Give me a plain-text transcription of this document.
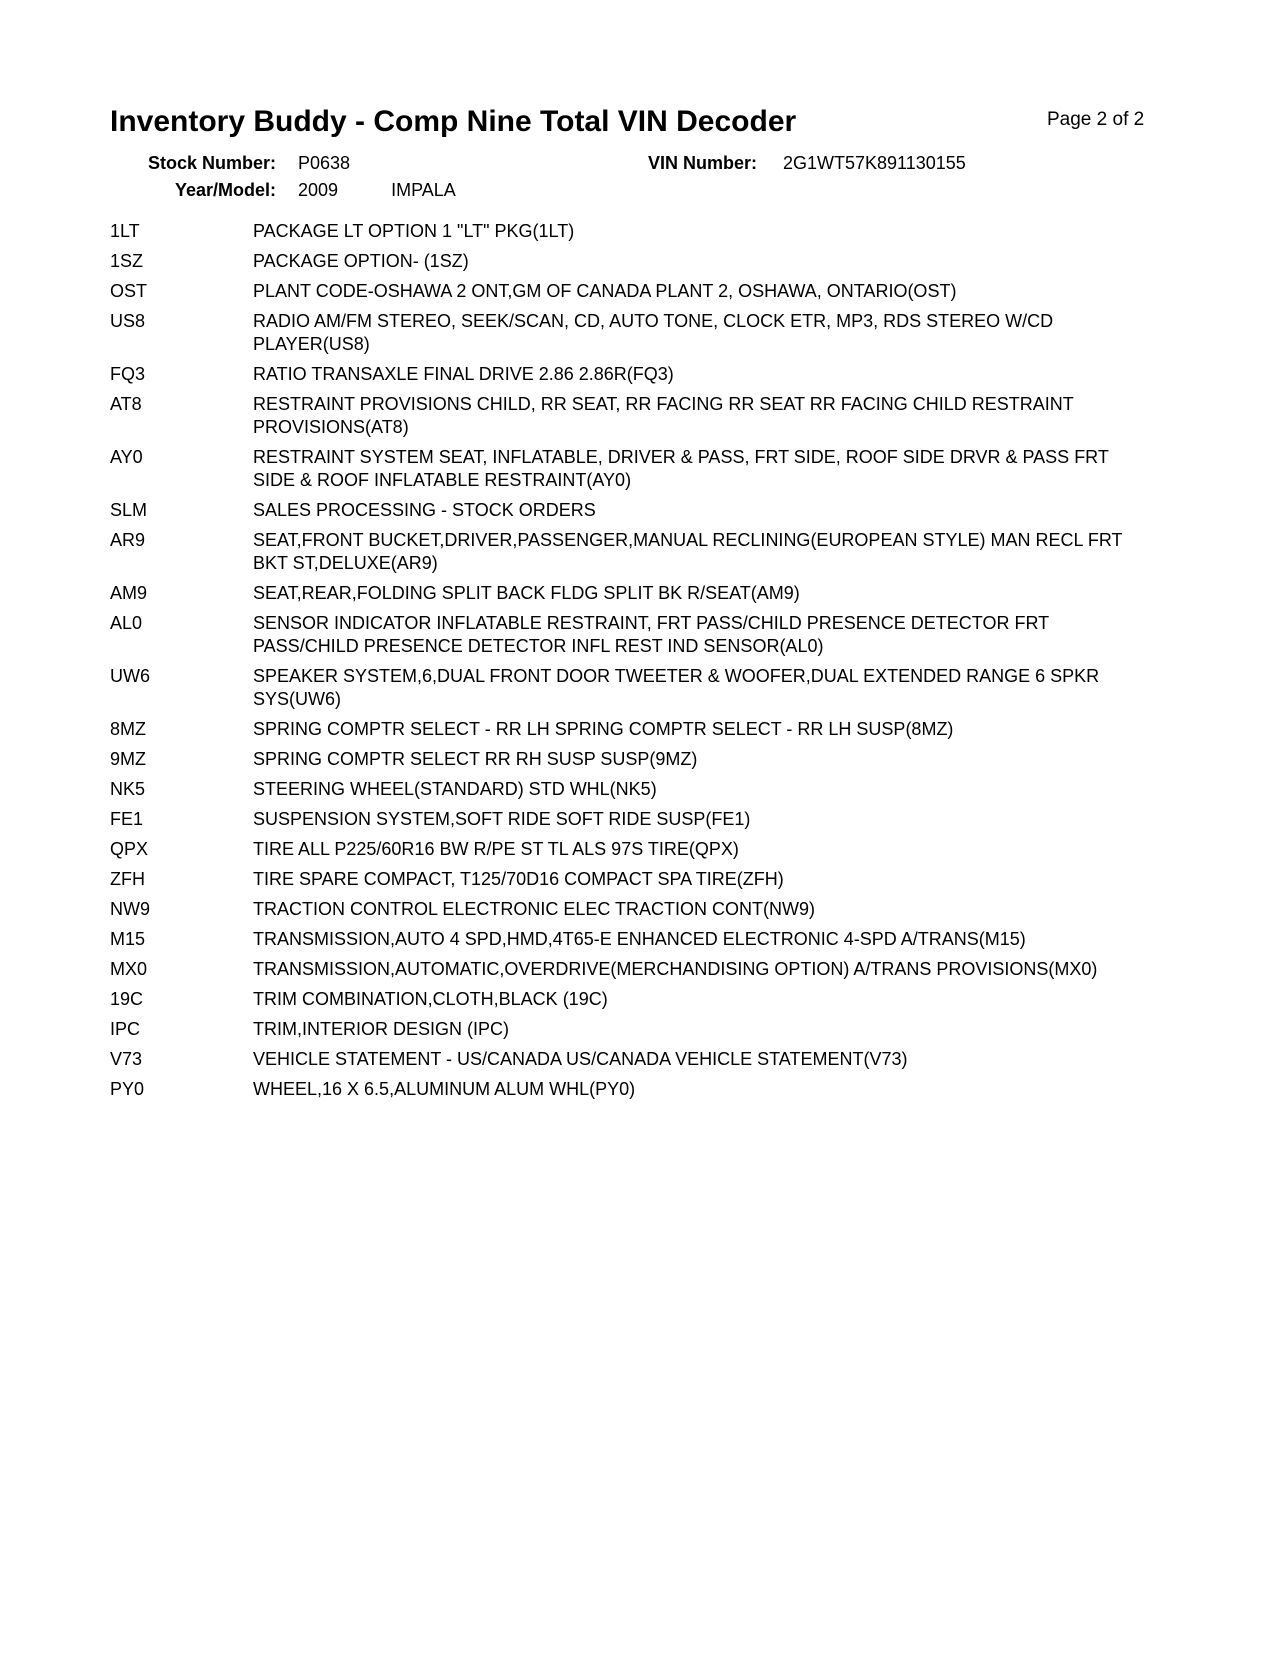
Inventory Buddy - Comp Nine Total VIN Decoder	Page 2 of 2
Stock Number: P0638	VIN Number:	2G1WT57K891130155
Year/Model: 2009	IMPALA
1LT	PACKAGE LT OPTION 1 "LT" PKG(1LT)
1SZ	PACKAGE OPTION- (1SZ)
OST	PLANT CODE-OSHAWA 2 ONT,GM OF CANADA PLANT 2, OSHAWA, ONTARIO(OST)
US8	RADIO AM/FM STEREO, SEEK/SCAN, CD, AUTO TONE, CLOCK ETR, MP3, RDS STEREO W/CD PLAYER(US8)
FQ3	RATIO TRANSAXLE FINAL DRIVE 2.86 2.86R(FQ3)
AT8	RESTRAINT PROVISIONS CHILD, RR SEAT, RR FACING RR SEAT RR FACING CHILD RESTRAINT PROVISIONS(AT8)
AY0	RESTRAINT SYSTEM SEAT, INFLATABLE, DRIVER & PASS, FRT SIDE, ROOF SIDE DRVR & PASS FRT SIDE & ROOF INFLATABLE RESTRAINT(AY0)
SLM	SALES PROCESSING - STOCK ORDERS
AR9	SEAT,FRONT BUCKET,DRIVER,PASSENGER,MANUAL RECLINING(EUROPEAN STYLE) MAN RECL FRT BKT ST,DELUXE(AR9)
AM9	SEAT,REAR,FOLDING SPLIT BACK FLDG SPLIT BK R/SEAT(AM9)
AL0	SENSOR INDICATOR INFLATABLE RESTRAINT, FRT PASS/CHILD PRESENCE DETECTOR FRT PASS/CHILD PRESENCE DETECTOR INFL REST IND SENSOR(AL0)
UW6	SPEAKER SYSTEM,6,DUAL FRONT DOOR TWEETER & WOOFER,DUAL EXTENDED RANGE 6 SPKR SYS(UW6)
8MZ	SPRING COMPTR SELECT - RR LH SPRING COMPTR SELECT - RR LH SUSP(8MZ)
9MZ	SPRING COMPTR SELECT RR RH SUSP SUSP(9MZ)
NK5	STEERING WHEEL(STANDARD) STD WHL(NK5)
FE1	SUSPENSION SYSTEM,SOFT RIDE SOFT RIDE SUSP(FE1)
QPX	TIRE ALL P225/60R16 BW R/PE ST TL ALS 97S TIRE(QPX)
ZFH	TIRE SPARE COMPACT, T125/70D16 COMPACT SPA TIRE(ZFH)
NW9	TRACTION CONTROL ELECTRONIC ELEC TRACTION CONT(NW9)
M15	TRANSMISSION,AUTO 4 SPD,HMD,4T65-E ENHANCED ELECTRONIC 4-SPD A/TRANS(M15)
MX0	TRANSMISSION,AUTOMATIC,OVERDRIVE(MERCHANDISING OPTION) A/TRANS PROVISIONS(MX0)
19C	TRIM COMBINATION,CLOTH,BLACK (19C)
IPC	TRIM,INTERIOR DESIGN (IPC)
V73	VEHICLE STATEMENT - US/CANADA US/CANADA VEHICLE STATEMENT(V73)
PY0	WHEEL,16 X 6.5,ALUMINUM ALUM WHL(PY0)
